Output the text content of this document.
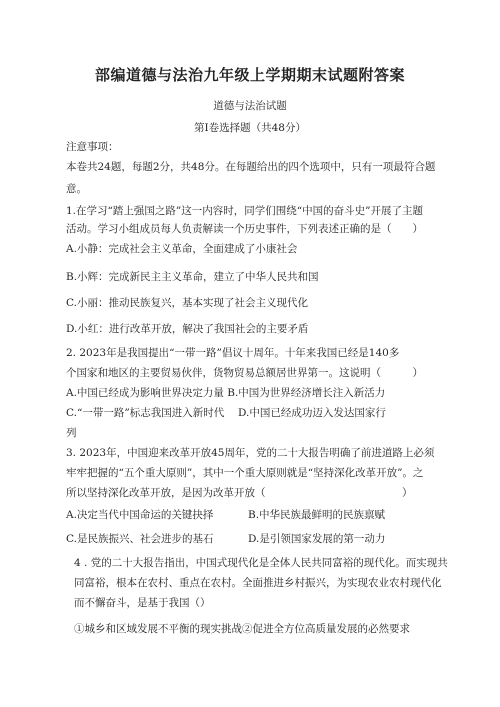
部编道德与法治九年级上学期期末试题附答案
道德与法治试题
第Ⅰ卷选择题（共48分）
注意事项：
本卷共24题，每题2分，共48分。在每题给出的四个选项中，只有一项最符合题
意。
1.在学习“踏上强国之路”这一内容时，同学们围绕“中国的奋斗史”开展了主题
活动。学习小组成员每人负责解读一个历史事件，下列表述正确的是（　　）
A.小静：完成社会主义革命，全面建成了小康社会
B.小辉：完成新民主主义革命，建立了中华人民共和国
C.小丽：推动民族复兴，基本实现了社会主义现代化
D.小红：进行改革开放，解决了我国社会的主要矛盾
2. 2023年是我国提出“一带一路”倡议十周年。十年来我国已经是140多
个国家和地区的主要贸易伙伴，货物贸易总额居世界第一。这说明（　　　）
A.中国已经成为影响世界决定力量 B.中国为世界经济增长注入新活力
C.“一带一路”标志我国进入新时代 D.中国已经成功迈入发达国家行
列
3. 2023年，中国迎来改革开放45周年，党的二十大报告明确了前进道路上必须
牢牢把握的“五个重大原则”，其中一个重大原则就是“坚持深化改革开放”。之
所以坚持深化改革开放，是因为改革开放（　　　　　　　　　　　　　）
A.决定当代中国命运的关键抉择	B.中华民族最鲜明的民族禀赋
C.是民族振兴、社会进步的基石	D.是引领国家发展的第一动力
4 . 党的二十大报告指出，中国式现代化是全体人民共同富裕的现代化。而实现共
同富裕，根本在农村、重点在农村。全面推进乡村振兴，为实现农业农村现代化
而不懈奋斗，是基于我国（）
①城乡和区域发展不平衡的现实挑战②促进全方位高质量发展的必然要求
